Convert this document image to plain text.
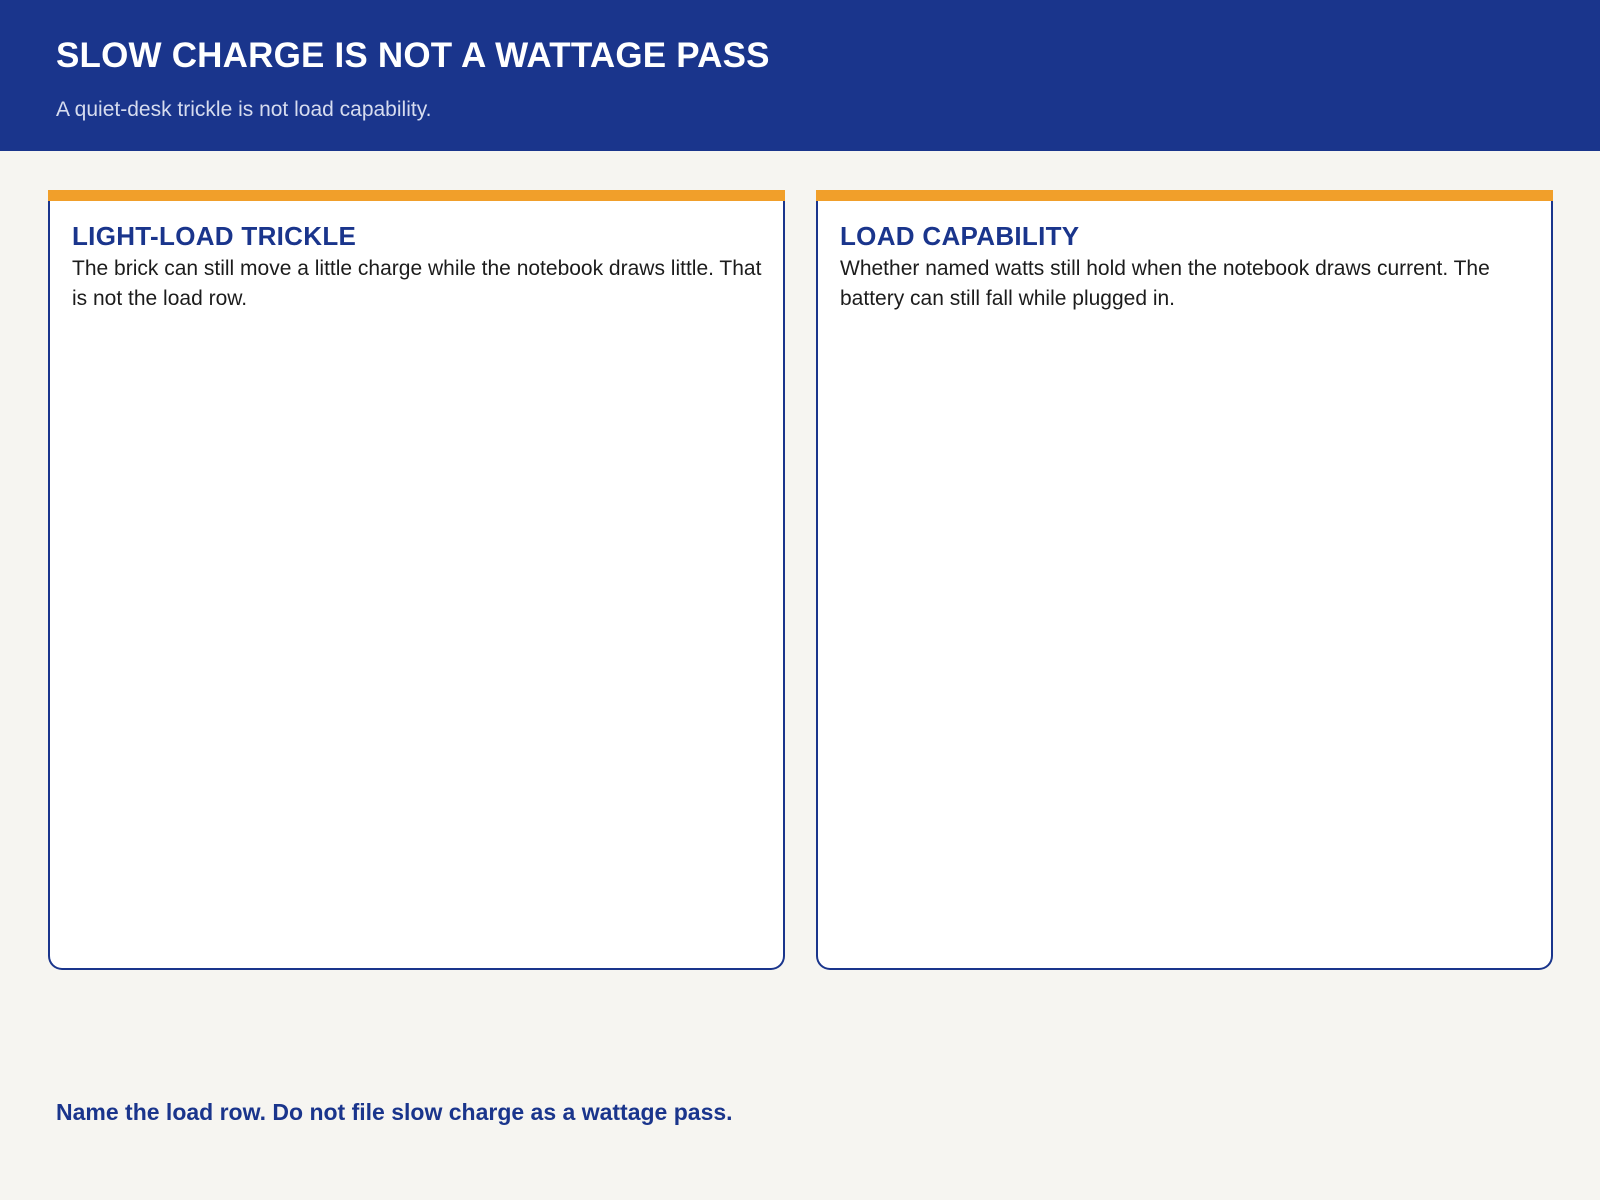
SLOW CHARGE IS NOT A WATTAGE PASS
A quiet-desk trickle is not load capability.
LIGHT-LOAD TRICKLE
The brick can still move a little charge while the notebook draws little. That is not the load row.
LOAD CAPABILITY
Whether named watts still hold when the notebook draws current. The battery can still fall while plugged in.
Name the load row. Do not file slow charge as a wattage pass.
